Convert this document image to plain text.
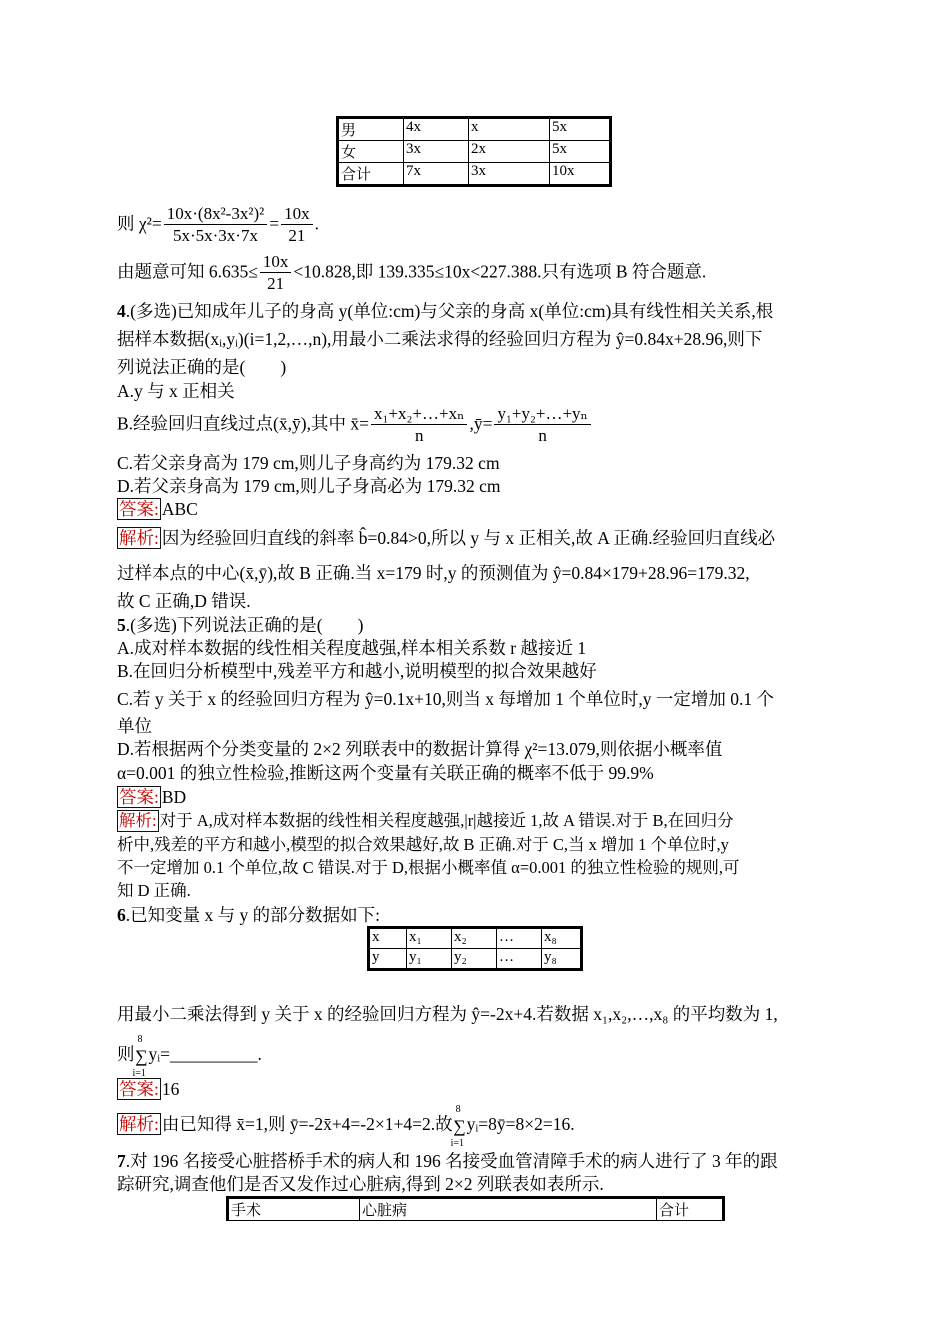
男	4x	x	5x
女	3x	2x	5x
合计	7x	3x	10x
则 $\chi^2= \frac{\text{10x·(8x²-3x²)²}}{5x\cdot 5x\cdot 3x\cdot 7x} = \frac{10x}{21}$ .
由题意可知 $6.635\le \frac{10x}{21} <10.828$,即 139.335≤10x<227.388.只有选项 B 符合题意.
4.(多选)已知成年儿子的身高 y(单位:cm)与父亲的身高 x(单位:cm)具有线性相关关系,根
据样本数据(xᵢ,yᵢ)(i=1,2,…,n),用最小二乘法求得的经验回归方程为 ŷ=0.84x+28.96,则下
列说法正确的是(　　)
A.y 与 x 正相关
B.经验回归直线过点(x̄,ȳ),其中 x̄= $\frac{\text{x₁+x₂+…+xₙ}}{n}$ ,ȳ= $\frac{\text{y₁+y₂+…+yₙ}}{n}$
C.若父亲身高为 179 cm,则儿子身高约为 179.32 cm
D.若父亲身高为 179 cm,则儿子身高必为 179.32 cm
答案: ABC
解析: 因为经验回归直线的斜率 b̂=0.84>0,所以 y 与 x 正相关,故 A 正确.经验回归直线必
过样本点的中心(x̄,ȳ),故 B 正确.当 x=179 时,y 的预测值为 ŷ=0.84×179+28.96=179.32,
故 C 正确,D 错误.
5.(多选)下列说法正确的是(　　)
A.成对样本数据的线性相关程度越强,样本相关系数 r 越接近 1
B.在回归分析模型中,残差平方和越小,说明模型的拟合效果越好
C.若 y 关于 x 的经验回归方程为 ŷ=0.1x+10,则当 x 每增加 1 个单位时,y 一定增加 0.1 个
单位
D.若根据两个分类变量的 2×2 列联表中的数据计算得 χ²=13.079,则依据小概率值
α=0.001 的独立性检验,推断这两个变量有关联正确的概率不低于 99.9%
答案: BD
解析: 对于 A,成对样本数据的线性相关程度越强,|r|越接近 1,故 A 错误.对于 B,在回归分
析中,残差的平方和越小,模型的拟合效果越好,故 B 正确.对于 C,当 x 增加 1 个单位时,y
不一定增加 0.1 个单位,故 C 错误.对于 D,根据小概率值 α=0.001 的独立性检验的规则,可
知 D 正确.
6.已知变量 x 与 y 的部分数据如下:
x	x₁	x₂	…	x₈
y	y₁	y₂	…	y₈
用最小二乘法得到 y 关于 x 的经验回归方程为 ŷ=-2x+4.若数据 x₁,x₂,…,x₈ 的平均数为 1,
则∑
8
i=1
yᵢ=__________.
答案: 16
解析: 由已知得 x̄=1,则 ȳ=-2x̄+4=-2×1+4=2.故∑
8
i=1
yᵢ=8ȳ=8×2=16.
7.对 196 名接受心脏搭桥手术的病人和 196 名接受血管清障手术的病人进行了 3 年的跟
踪研究,调查他们是否又发作过心脏病,得到 2×2 列联表如表所示.
手术	心脏病	合计
